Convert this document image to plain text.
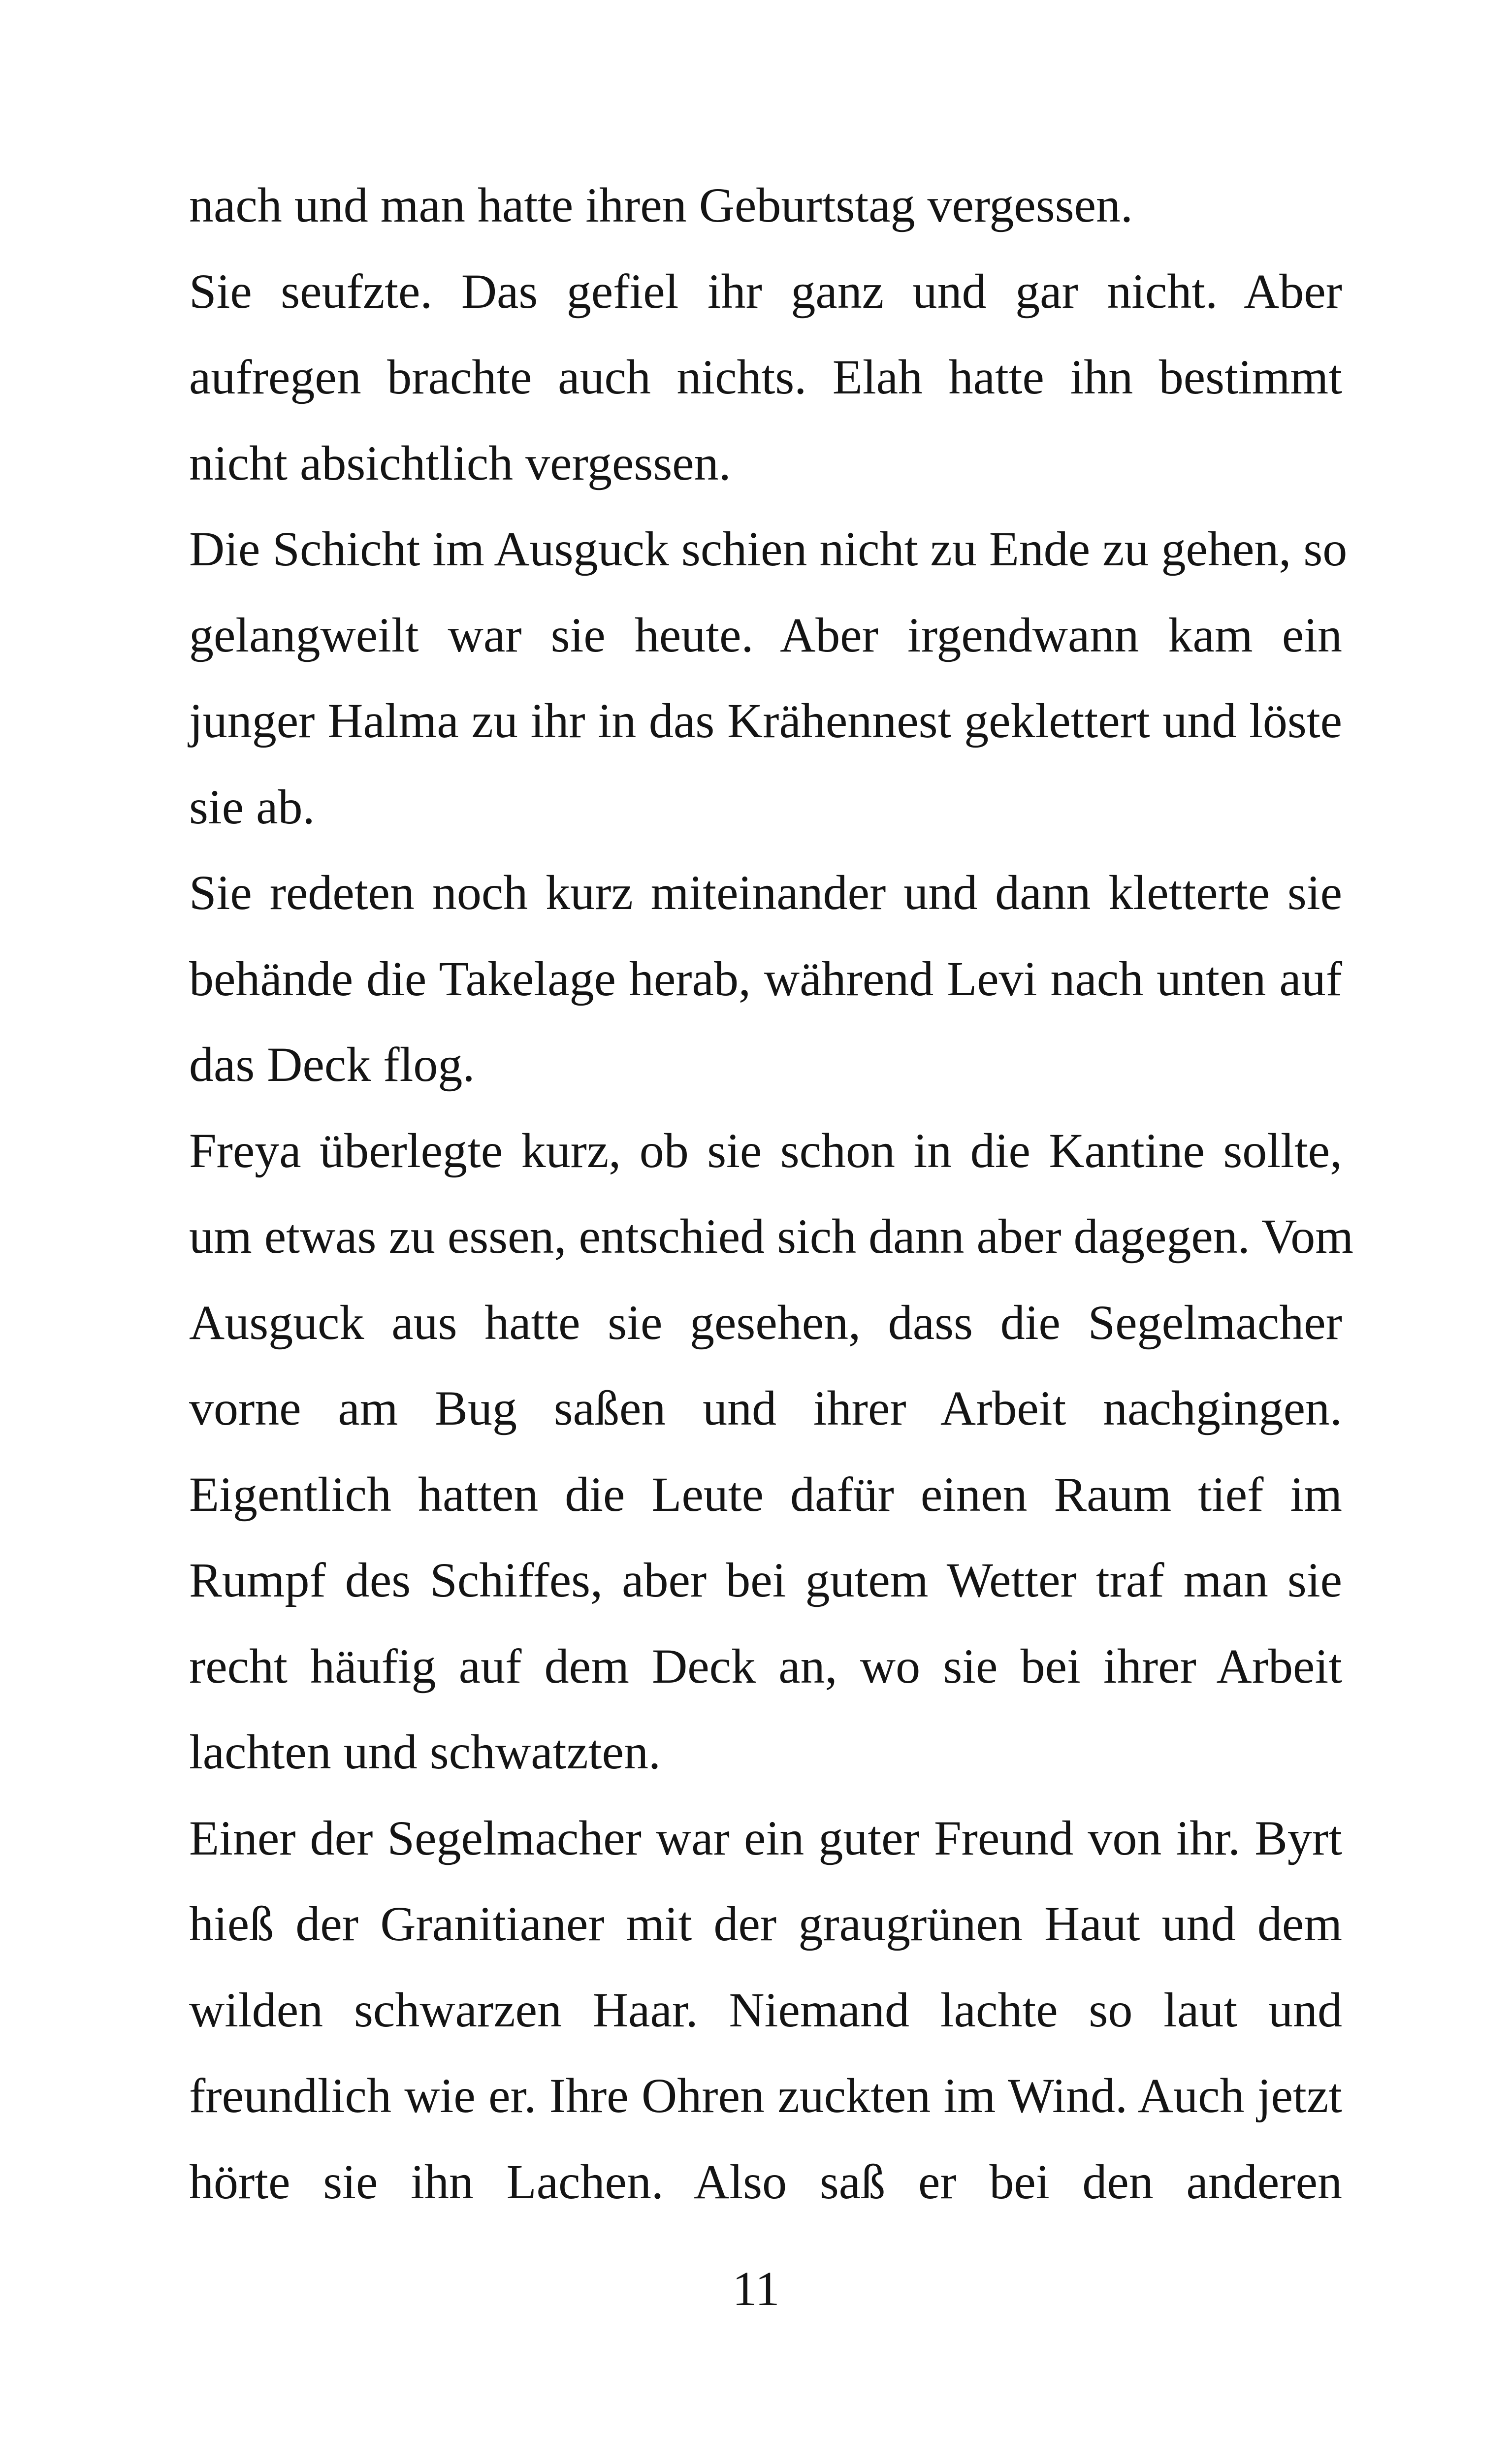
nach und man hatte ihren Geburtstag vergessen.
Sie seufzte. Das gefiel ihr ganz und gar nicht. Aber
aufregen brachte auch nichts. Elah hatte ihn bestimmt
nicht absichtlich vergessen.
Die Schicht im Ausguck schien nicht zu Ende zu gehen, so
gelangweilt war sie heute. Aber irgendwann kam ein
junger Halma zu ihr in das Krähennest geklettert und löste
sie ab.
Sie redeten noch kurz miteinander und dann kletterte sie
behände die Takelage herab, während Levi nach unten auf
das Deck flog.
Freya überlegte kurz, ob sie schon in die Kantine sollte,
um etwas zu essen, entschied sich dann aber dagegen. Vom
Ausguck aus hatte sie gesehen, dass die Segelmacher
vorne am Bug saßen und ihrer Arbeit nachgingen.
Eigentlich hatten die Leute dafür einen Raum tief im
Rumpf des Schiffes, aber bei gutem Wetter traf man sie
recht häufig auf dem Deck an, wo sie bei ihrer Arbeit
lachten und schwatzten.
Einer der Segelmacher war ein guter Freund von ihr. Byrt
hieß der Granitianer mit der graugrünen Haut und dem
wilden schwarzen Haar. Niemand lachte so laut und
freundlich wie er. Ihre Ohren zuckten im Wind. Auch jetzt
hörte sie ihn Lachen. Also saß er bei den anderen
11
